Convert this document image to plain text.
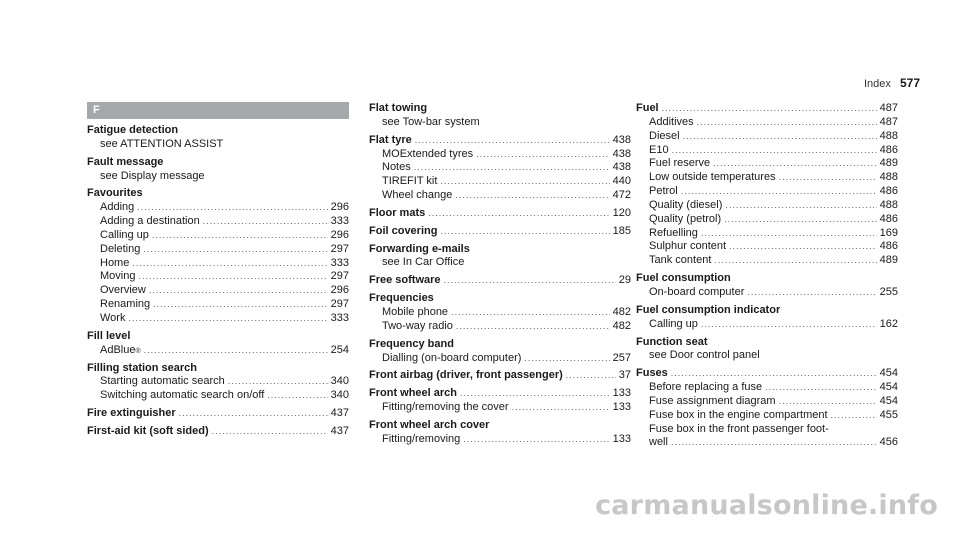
Index 577
F
Fatigue detection
see ATTENTION ASSIST
Fault message
see Display message
Favourites
Adding .....	296
Adding a destination .....	333
Calling up .....	296
Deleting .....	297
Home .....	333
Moving .....	297
Overview .....	296
Renaming .....	297
Work .....	333
Fill level
AdBlue ® .....	254
Filling station search
Starting automatic search .....	340
Switching automatic search on/off .....	340
Fire extinguisher .....	437
First-aid kit (soft sided) .....	437
Flat towing
see Tow-bar system
Flat tyre .....	438
MOExtended tyres .....	438
Notes .....	438
TIREFIT kit .....	440
Wheel change .....	472
Floor mats .....	120
Foil covering .....	185
Forwarding e-mails
see In Car Office
Free software .....	29
Frequencies
Mobile phone .....	482
Two-way radio .....	482
Frequency band
Dialling (on-board computer) .....	257
Front airbag (driver, front passenger) .....	37
Front wheel arch .....	133
Fitting/removing the cover .....	133
Front wheel arch cover
Fitting/removing .....	133
Fuel .....	487
Additives .....	487
Diesel .....	488
E10 .....	486
Fuel reserve .....	489
Low outside temperatures .....	488
Petrol .....	486
Quality (diesel) .....	488
Quality (petrol) .....	486
Refuelling .....	169
Sulphur content .....	486
Tank content .....	489
Fuel consumption
On-board computer .....	255
Fuel consumption indicator
Calling up .....	162
Function seat
see Door control panel
Fuses .....	454
Before replacing a fuse .....	454
Fuse assignment diagram .....	454
Fuse box in the engine compartment .....	455
Fuse box in the front passenger foot-
well .....	456
carmanualsonline.info
